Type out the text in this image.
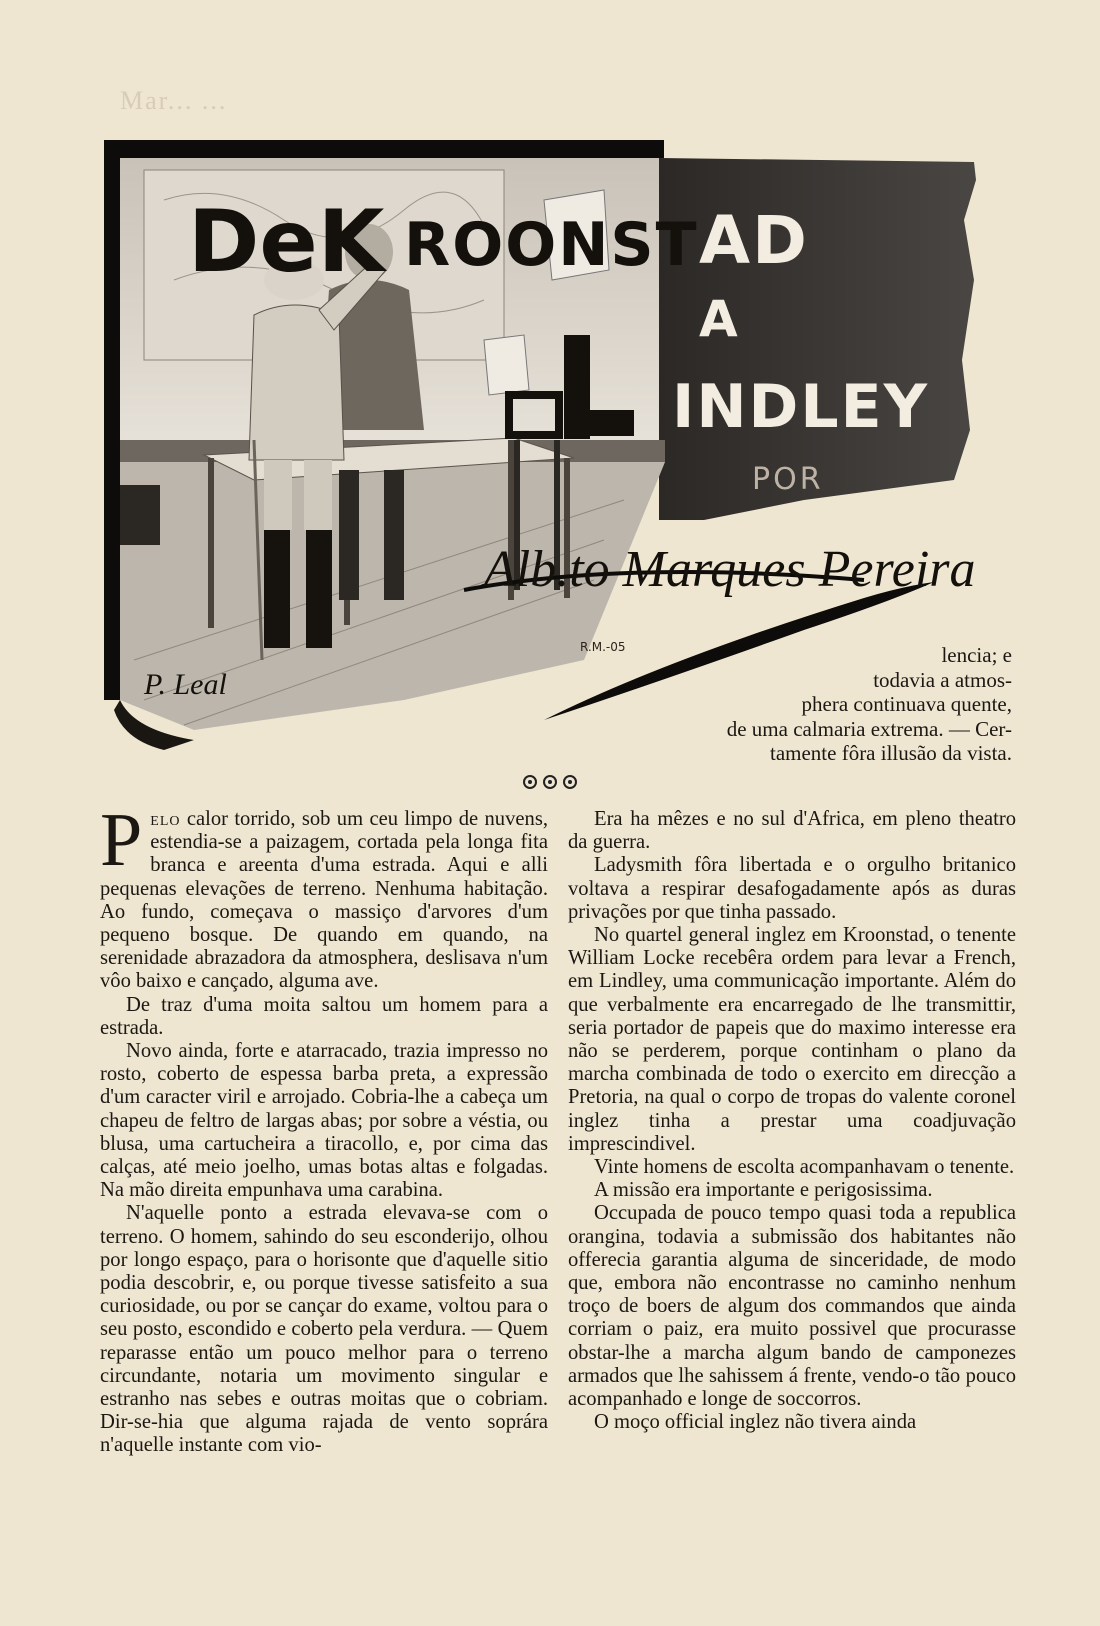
Mar... ...
DeK ROONST AD
A
INDLEY
POR
Alb.to Marques Pereira
P. Leal
R.M.-05	lencia; e
todavia a atmos-
phera continuava quente,
de uma calmaria extrema. — Cer-
tamente fôra illusão da vista.

Pelo calor torrido, sob um ceu limpo de nuvens, estendia-se a paizagem, cortada pela longa fita branca e areenta d'uma estrada. Aqui e alli pequenas elevações de terreno. Nenhuma habitação. Ao fundo, começava o massiço d'arvores d'um pequeno bosque. De quando em quando, na serenidade abrazadora da atmosphera, deslisava n'um vôo baixo e cançado, alguma ave.

De traz d'uma moita saltou um homem para a estrada.

Novo ainda, forte e atarracado, trazia impresso no rosto, coberto de espessa barba preta, a expressão d'um caracter viril e arrojado. Cobria-lhe a cabeça um chapeu de feltro de largas abas; por sobre a véstia, ou blusa, uma cartucheira a tiracollo, e, por cima das calças, até meio joelho, umas botas altas e folgadas. Na mão direita empunhava uma carabina.

N'aquelle ponto a estrada elevava-se com o terreno. O homem, sahindo do seu esconderijo, olhou por longo espaço, para o horisonte que d'aquelle sitio podia descobrir, e, ou porque tivesse satisfeito a sua curiosidade, ou por se cançar do exame, voltou para o seu posto, escondido e coberto pela verdura. — Quem reparasse então um pouco melhor para o terreno circundante, notaria um movimento singular e estranho nas sebes e outras moitas que o cobriam. Dir-se-hia que alguma rajada de vento soprára n'aquelle instante com vio-

Era ha mêzes e no sul d'Africa, em pleno theatro da guerra.

Ladysmith fôra libertada e o orgulho britanico voltava a respirar desafogadamente após as duras privações por que tinha passado.

No quartel general inglez em Kroonstad, o tenente William Locke recebêra ordem para levar a French, em Lindley, uma communicação importante. Além do que verbalmente era encarregado de lhe transmittir, seria portador de papeis que do maximo interesse era não se perderem, porque continham o plano da marcha combinada de todo o exercito em direcção a Pretoria, na qual o corpo de tropas do valente coronel inglez tinha a prestar uma coadjuvação imprescindivel.

Vinte homens de escolta acompanhavam o tenente.

A missão era importante e perigosissima.

Occupada de pouco tempo quasi toda a republica orangina, todavia a submissão dos habitantes não offerecia garantia alguma de sinceridade, de modo que, embora não encontrasse no caminho nenhum troço de boers de algum dos commandos que ainda corriam o paiz, era muito possivel que procurasse obstar-lhe a marcha algum bando de camponezes armados que lhe sahissem á frente, vendo-o tão pouco acompanhado e longe de soccorros.

O moço official inglez não tivera ainda
